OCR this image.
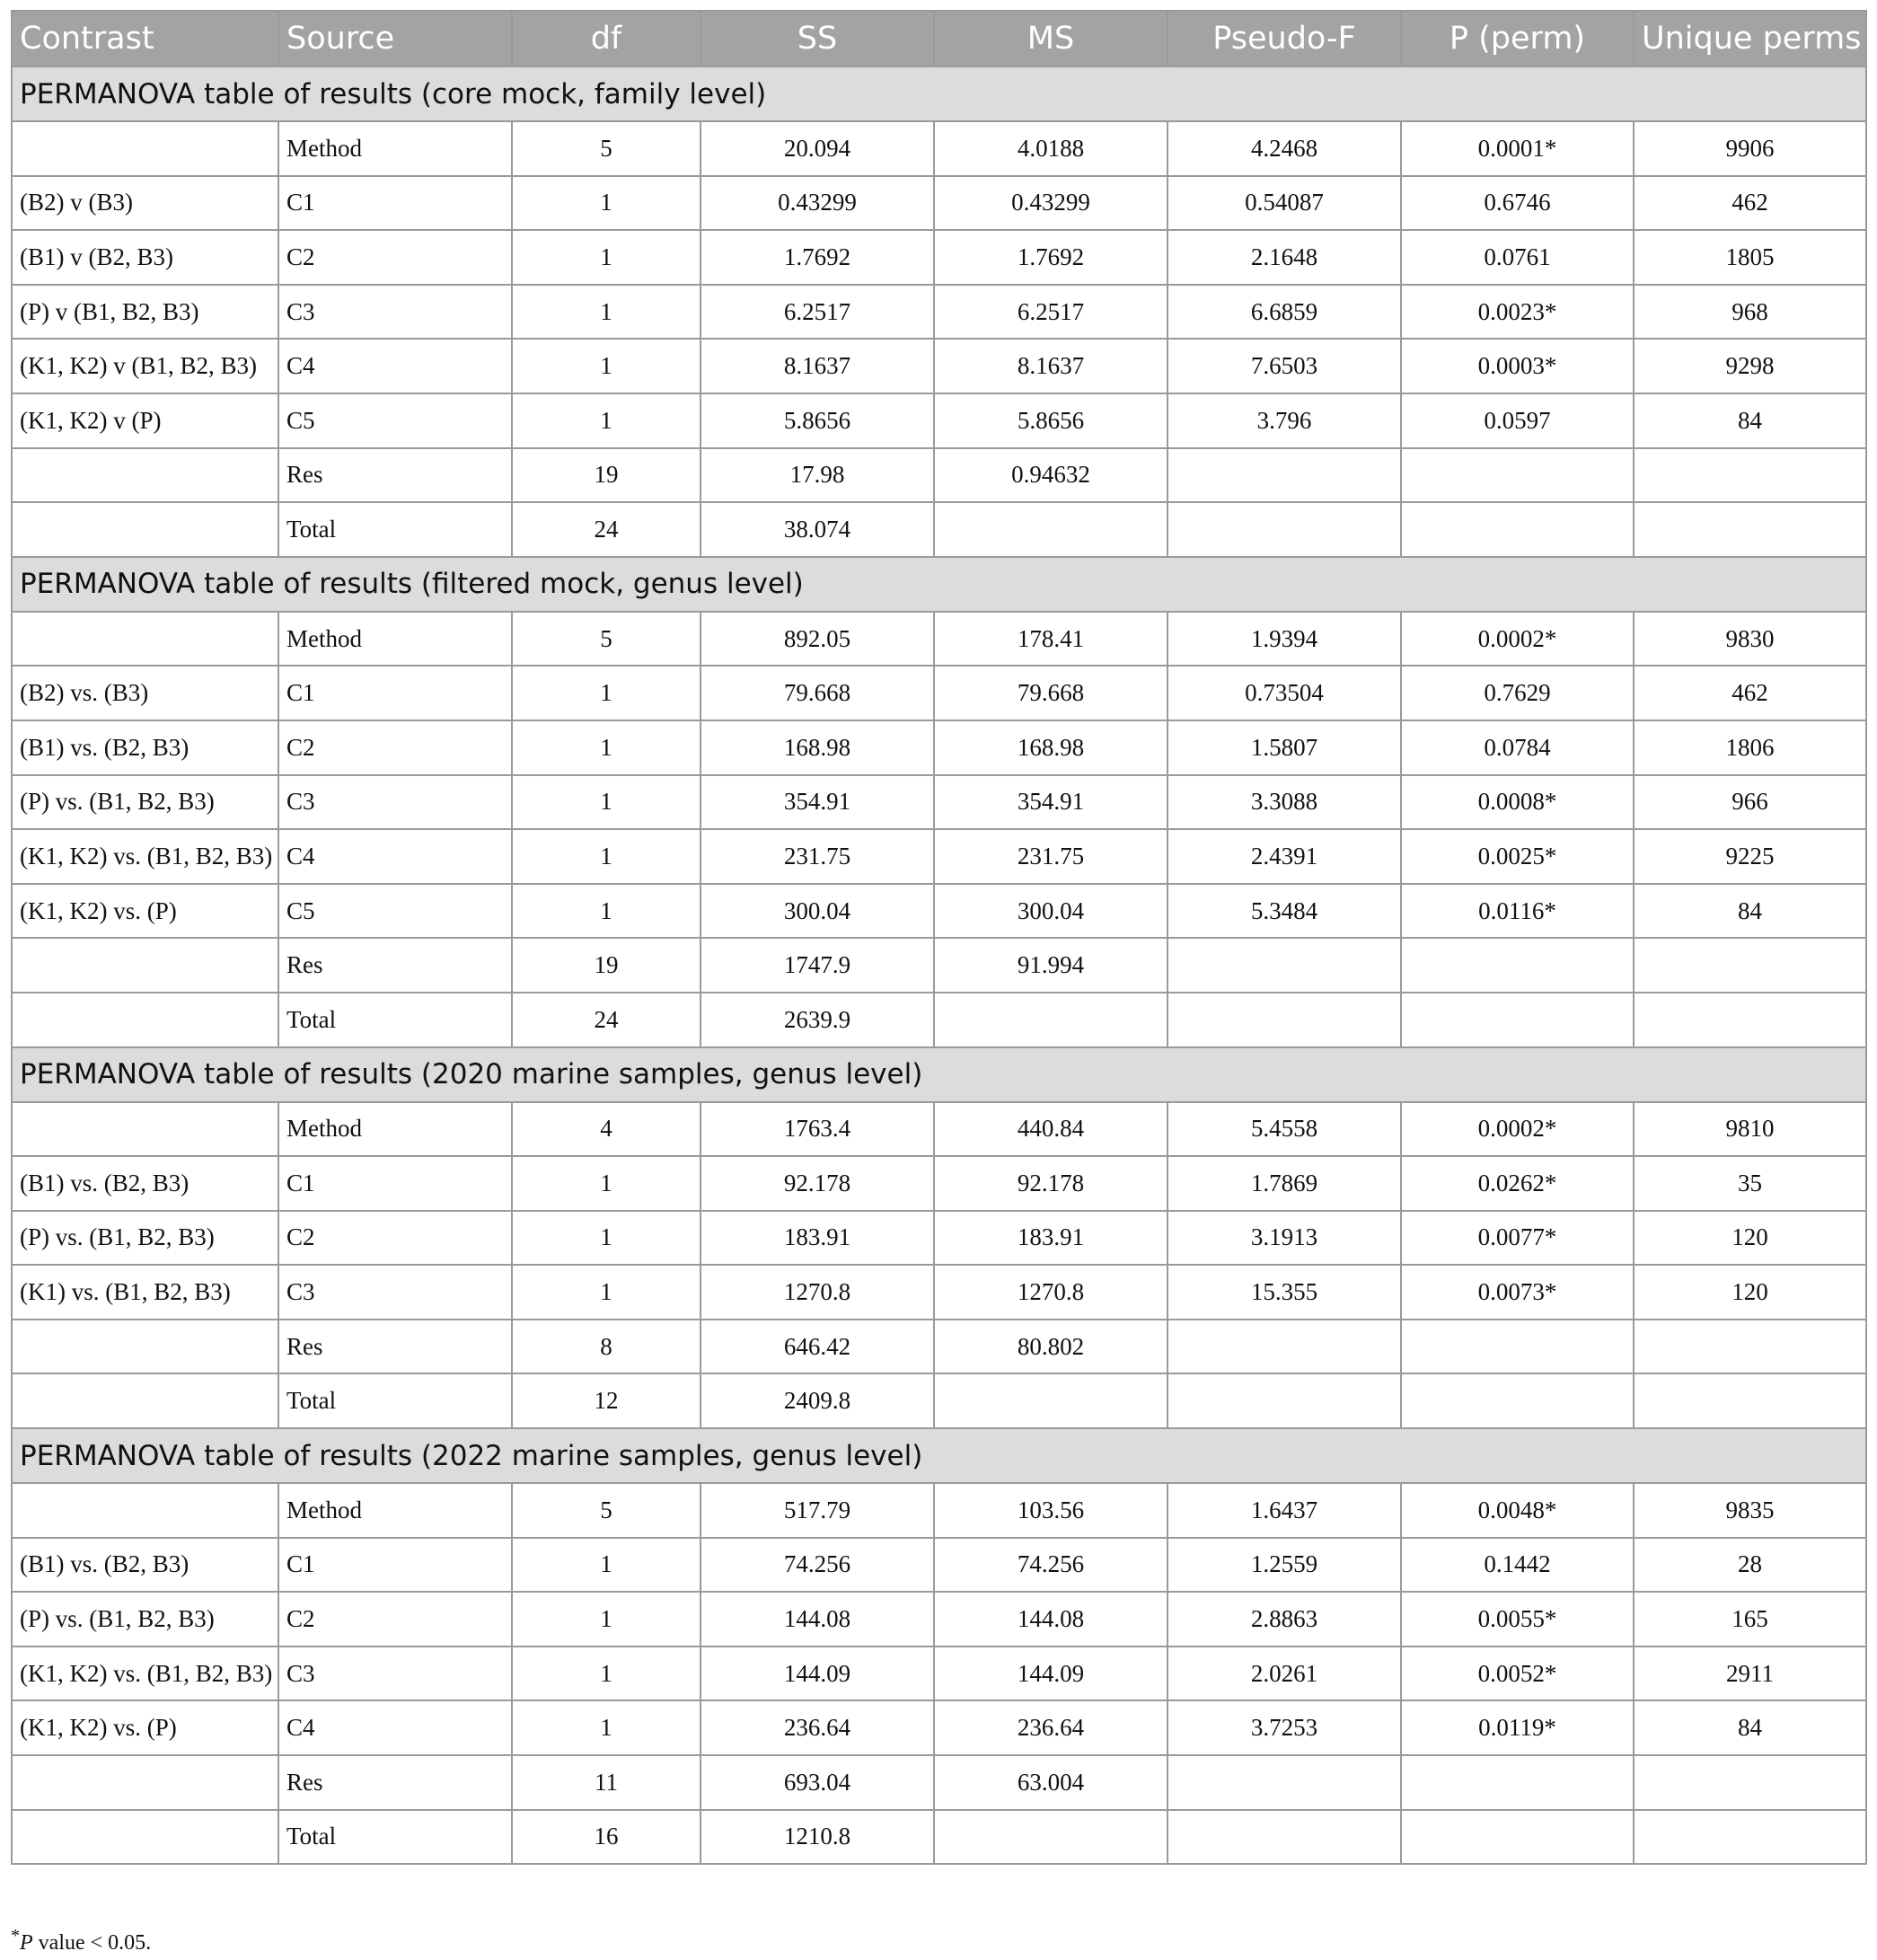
Contrast	Source	df	SS	MS	Pseudo-F	P (perm)	Unique perms
PERMANOVA table of results (core mock, family level)							
	Method	5	20.094	4.0188	4.2468	0.0001*	9906
(B2) v (B3)	C1	1	0.43299	0.43299	0.54087	0.6746	462
(B1) v (B2, B3)	C2	1	1.7692	1.7692	2.1648	0.0761	1805
(P) v (B1, B2, B3)	C3	1	6.2517	6.2517	6.6859	0.0023*	968
(K1, K2) v (B1, B2, B3)	C4	1	8.1637	8.1637	7.6503	0.0003*	9298
(K1, K2) v (P)	C5	1	5.8656	5.8656	3.796	0.0597	84
	Res	19	17.98	0.94632			
	Total	24	38.074				
PERMANOVA table of results (filtered mock, genus level)							
	Method	5	892.05	178.41	1.9394	0.0002*	9830
(B2) vs. (B3)	C1	1	79.668	79.668	0.73504	0.7629	462
(B1) vs. (B2, B3)	C2	1	168.98	168.98	1.5807	0.0784	1806
(P) vs. (B1, B2, B3)	C3	1	354.91	354.91	3.3088	0.0008*	966
(K1, K2) vs. (B1, B2, B3)	C4	1	231.75	231.75	2.4391	0.0025*	9225
(K1, K2) vs. (P)	C5	1	300.04	300.04	5.3484	0.0116*	84
	Res	19	1747.9	91.994			
	Total	24	2639.9				
PERMANOVA table of results (2020 marine samples, genus level)							
	Method	4	1763.4	440.84	5.4558	0.0002*	9810
(B1) vs. (B2, B3)	C1	1	92.178	92.178	1.7869	0.0262*	35
(P) vs. (B1, B2, B3)	C2	1	183.91	183.91	3.1913	0.0077*	120
(K1) vs. (B1, B2, B3)	C3	1	1270.8	1270.8	15.355	0.0073*	120
	Res	8	646.42	80.802			
	Total	12	2409.8				
PERMANOVA table of results (2022 marine samples, genus level)							
	Method	5	517.79	103.56	1.6437	0.0048*	9835
(B1) vs. (B2, B3)	C1	1	74.256	74.256	1.2559	0.1442	28
(P) vs. (B1, B2, B3)	C2	1	144.08	144.08	2.8863	0.0055*	165
(K1, K2) vs. (B1, B2, B3)	C3	1	144.09	144.09	2.0261	0.0052*	2911
(K1, K2) vs. (P)	C4	1	236.64	236.64	3.7253	0.0119*	84
	Res	11	693.04	63.004			
	Total	16	1210.8				
*P value < 0.05.
